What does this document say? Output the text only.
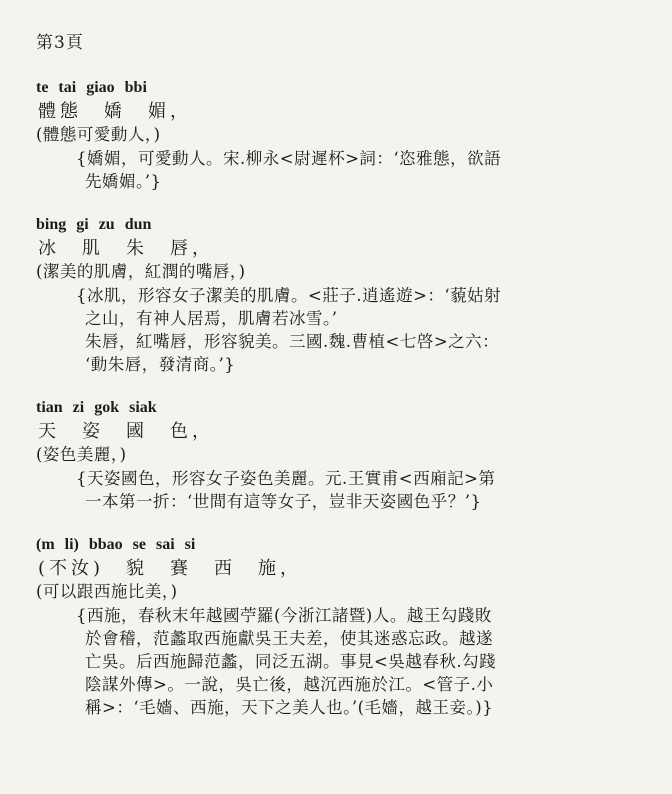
第3頁
te tai giao bbi
體態　嬌　媚，
(體態可愛動人，)
{嬌媚，可愛動人。宋.柳永<尉遲杯>詞：‘恣雅態，欲語
先嬌媚。’}
bing gi zu dun
冰　肌　朱　唇，
(潔美的肌膚，紅潤的嘴唇，)
{冰肌，形容女子潔美的肌膚。<莊子.逍遙遊>：‘藐姑射
之山，有神人居焉，肌膚若冰雪。’
朱唇，紅嘴唇，形容貌美。三國.魏.曹植<七啓>之六：
‘動朱唇，發清商。’}
tian zi gok siak
天　姿　國　色，
(姿色美麗，)
{天姿國色，形容女子姿色美麗。元.王實甫<西廂記>第
一本第一折：‘世間有這等女子，豈非天姿國色乎？’}
(m li) bbao se sai si
(不汝)　貌　賽　西　施，
(可以跟西施比美，)
{西施，春秋末年越國苧羅(今浙江諸暨)人。越王勾踐敗
於會稽，范蠡取西施獻吳王夫差，使其迷惑忘政。越遂
亡吳。后西施歸范蠡，同泛五湖。事見<吳越春秋.勾踐
陰謀外傳>。一說，吳亡後，越沉西施於江。<管子.小
稱>：‘毛嬙、西施，天下之美人也。’(毛嬙，越王妾。)}
